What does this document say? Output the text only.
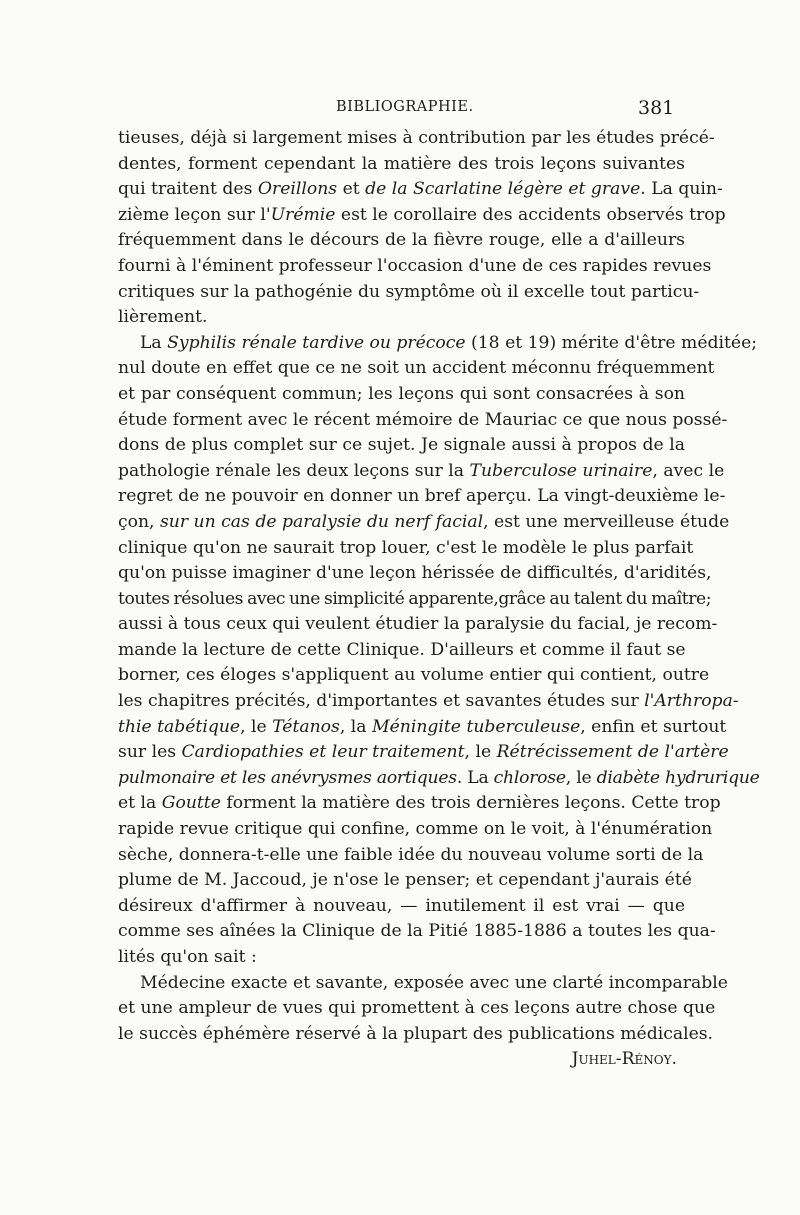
BIBLIOGRAPHIE.	381
tieuses, déjà si largement mises à contribution par les études précé-
dentes, forment cependant la matière des trois leçons suivantes
qui traitent des Oreillons et de la Scarlatine légère et grave. La quin-
zième leçon sur l'Urémie est le corollaire des accidents observés trop
fréquemment dans le décours de la fièvre rouge, elle a d'ailleurs
fourni à l'éminent professeur l'occasion d'une de ces rapides revues
critiques sur la pathogénie du symptôme où il excelle tout particu-
lièrement.
La Syphilis rénale tardive ou précoce (18 et 19) mérite d'être méditée;
nul doute en effet que ce ne soit un accident méconnu fréquemment
et par conséquent commun; les leçons qui sont consacrées à son
étude forment avec le récent mémoire de Mauriac ce que nous possé-
dons de plus complet sur ce sujet. Je signale aussi à propos de la
pathologie rénale les deux leçons sur la Tuberculose urinaire, avec le
regret de ne pouvoir en donner un bref aperçu. La vingt-deuxième le-
çon, sur un cas de paralysie du nerf facial, est une merveilleuse étude
clinique qu'on ne saurait trop louer, c'est le modèle le plus parfait
qu'on puisse imaginer d'une leçon hérissée de difficultés, d'aridités,
toutes résolues avec une simplicité apparente,grâce au talent du maître;
aussi à tous ceux qui veulent étudier la paralysie du facial, je recom-
mande la lecture de cette Clinique. D'ailleurs et comme il faut se
borner, ces éloges s'appliquent au volume entier qui contient, outre
les chapitres précités, d'importantes et savantes études sur l'Arthropa-
thie tabétique, le Tétanos, la Méningite tuberculeuse, enfin et surtout
sur les Cardiopathies et leur traitement, le Rétrécissement de l'artère
pulmonaire et les anévrysmes aortiques. La chlorose, le diabète hydrurique
et la Goutte forment la matière des trois dernières leçons. Cette trop
rapide revue critique qui confine, comme on le voit, à l'énumération
sèche, donnera-t-elle une faible idée du nouveau volume sorti de la
plume de M. Jaccoud, je n'ose le penser; et cependant j'aurais été
désireux d'affirmer à nouveau, — inutilement il est vrai — que
comme ses aînées la Clinique de la Pitié 1885-1886 a toutes les qua-
lités qu'on sait :
Médecine exacte et savante, exposée avec une clarté incomparable
et une ampleur de vues qui promettent à ces leçons autre chose que
le succès éphémère réservé à la plupart des publications médicales.
Juhel-Rénoy.
